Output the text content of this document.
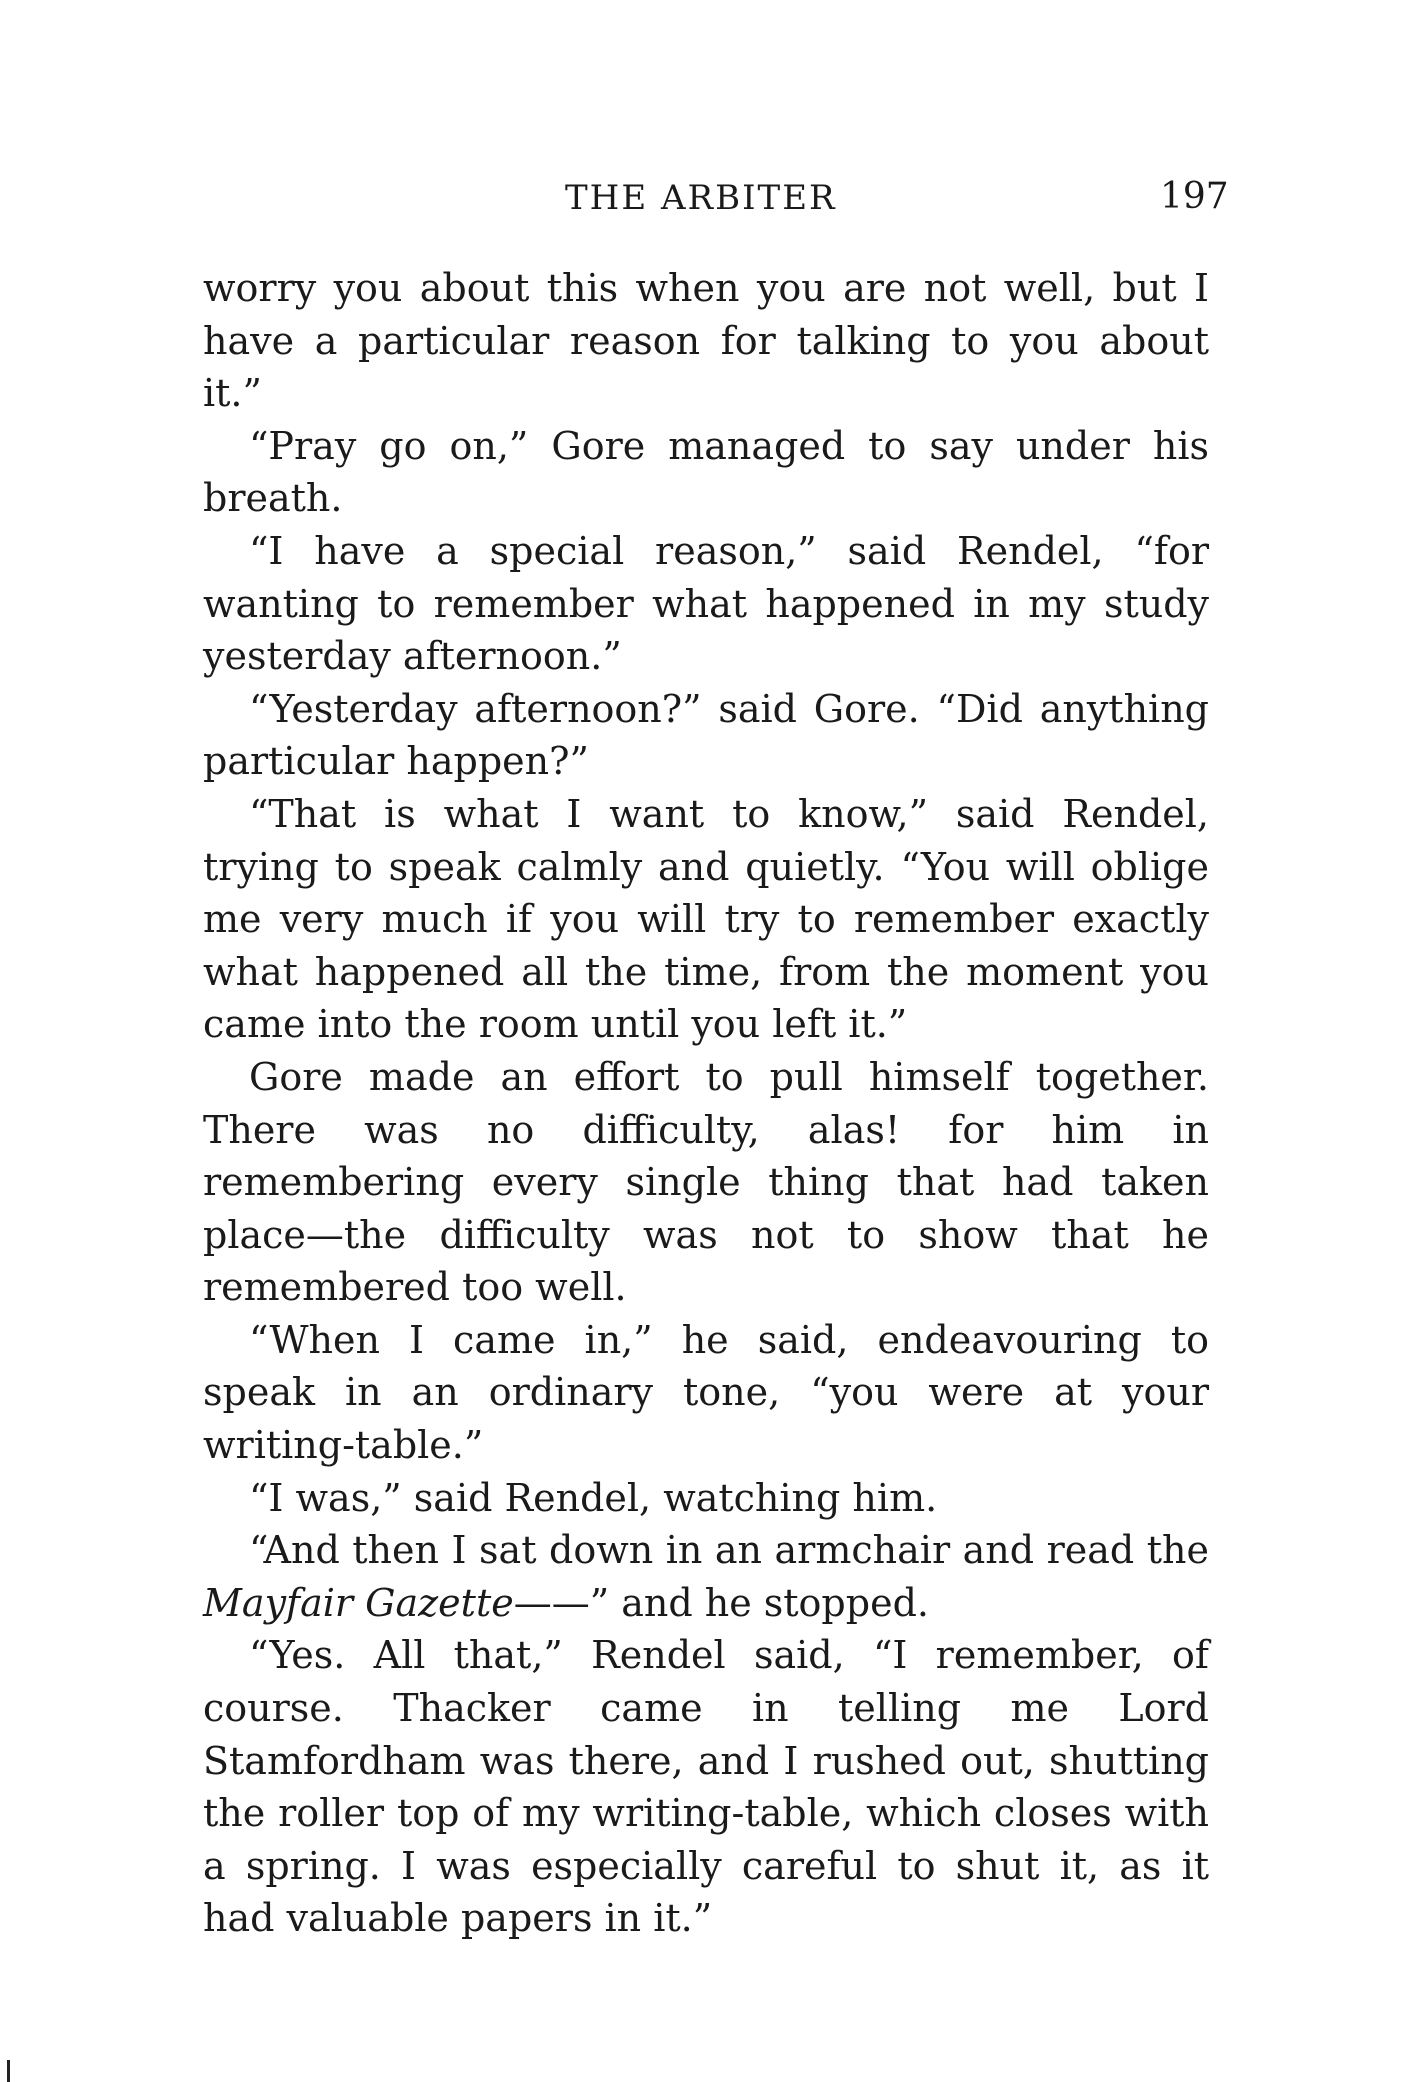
THE ARBITER	197

worry you about this when you are not well, but I have a particular reason for talking to you about it.”

“Pray go on,” Gore managed to say under his breath.

“I have a special reason,” said Rendel, “for wanting to remember what happened in my study yesterday afternoon.”

“Yesterday afternoon?” said Gore. “Did anything particular happen?”

“That is what I want to know,” said Rendel, trying to speak calmly and quietly. “You will oblige me very much if you will try to remember exactly what happened all the time, from the moment you came into the room until you left it.”

Gore made an effort to pull himself together. There was no difficulty, alas! for him in remembering every single thing that had taken place—the difficulty was not to show that he remembered too well.

“When I came in,” he said, endeavouring to speak in an ordinary tone, “you were at your writing-table.”

“I was,” said Rendel, watching him.

“And then I sat down in an armchair and read the Mayfair Gazette——” and he stopped.

“Yes. All that,” Rendel said, “I remember, of course. Thacker came in telling me Lord Stamfordham was there, and I rushed out, shutting the roller top of my writing-table, which closes with a spring. I was especially careful to shut it, as it had valuable papers in it.”
